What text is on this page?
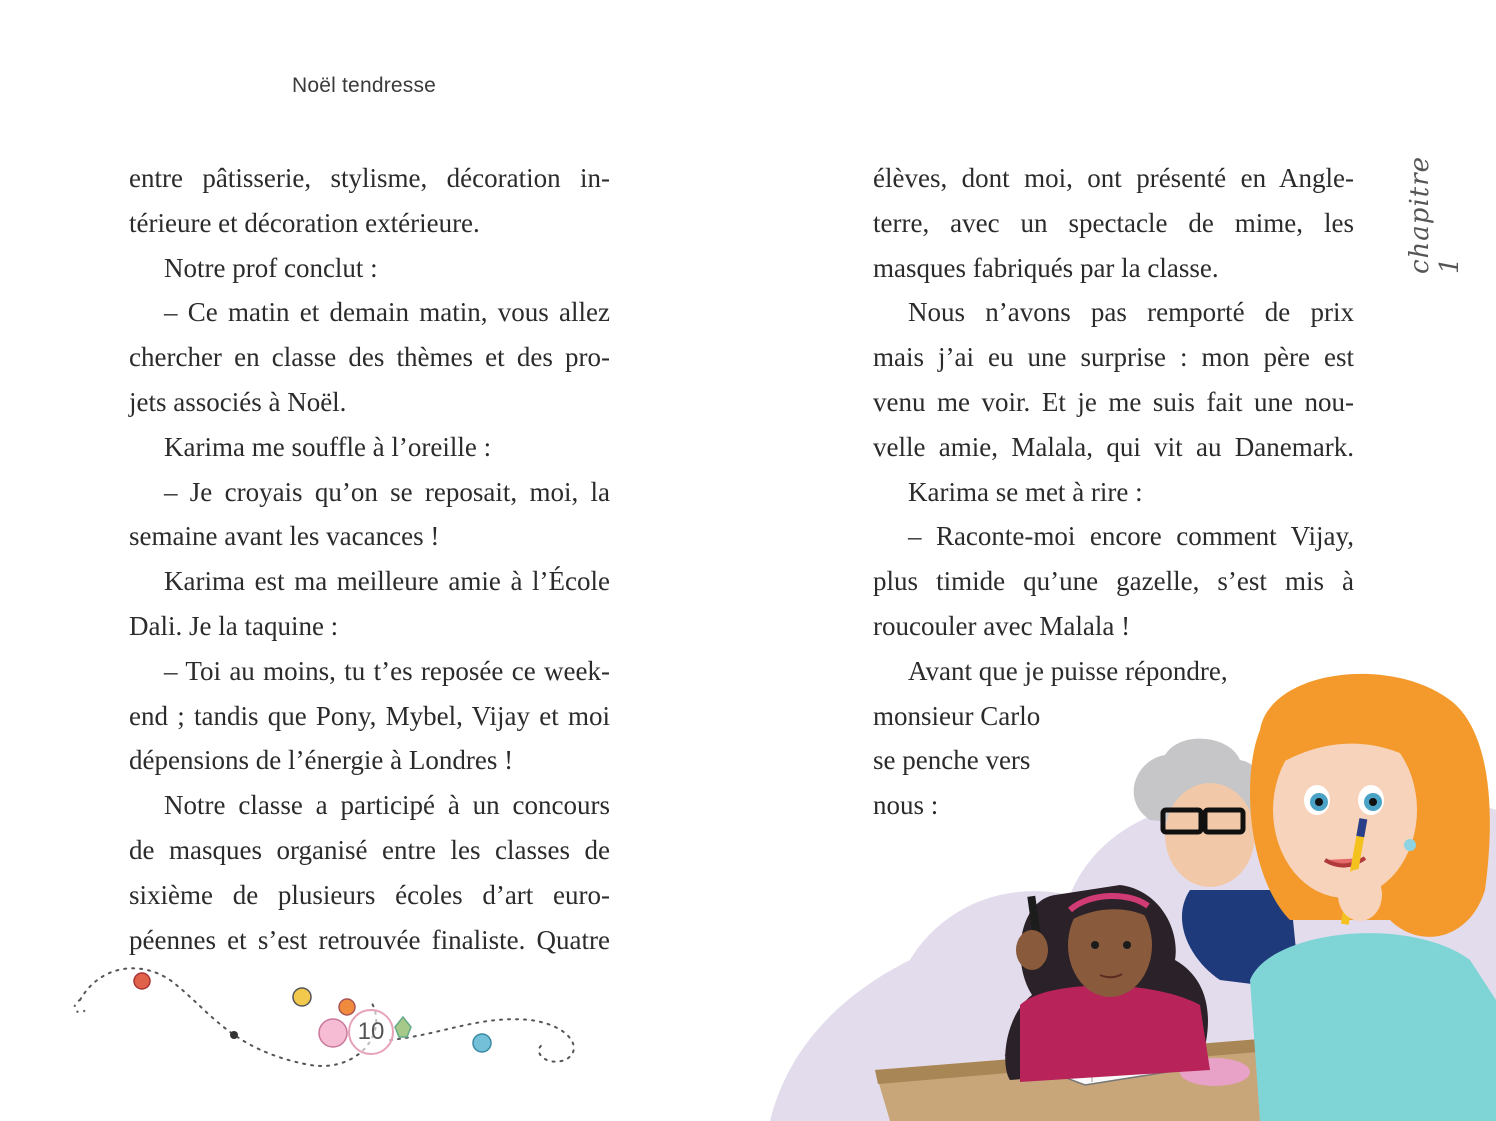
Noël tendresse
chapitre 1
entre pâtisserie, stylisme, décoration in-
térieure et décoration extérieure.
Notre prof conclut :
– Ce matin et demain matin, vous allez
chercher en classe des thèmes et des pro-
jets associés à Noël.
Karima me souffle à l’oreille :
– Je croyais qu’on se reposait, moi, la
semaine avant les vacances !
Karima est ma meilleure amie à l’École
Dali. Je la taquine :
– Toi au moins, tu t’es reposée ce week-
end ; tandis que Pony, Mybel, Vijay et moi
dépensions de l’énergie à Londres !
Notre classe a participé à un concours
de masques organisé entre les classes de
sixième de plusieurs écoles d’art euro-
péennes et s’est retrouvée finaliste. Quatre
élèves, dont moi, ont présenté en Angle-
terre, avec un spectacle de mime, les
masques fabriqués par la classe.
Nous n’avons pas remporté de prix
mais j’ai eu une surprise : mon père est
venu me voir. Et je me suis fait une nou-
velle amie, Malala, qui vit au Danemark.
Karima se met à rire :
– Raconte-moi encore comment Vijay,
plus timide qu’une gazelle, s’est mis à
roucouler avec Malala !
Avant que je puisse répondre,
monsieur Carlo
se penche vers
nous :
10
